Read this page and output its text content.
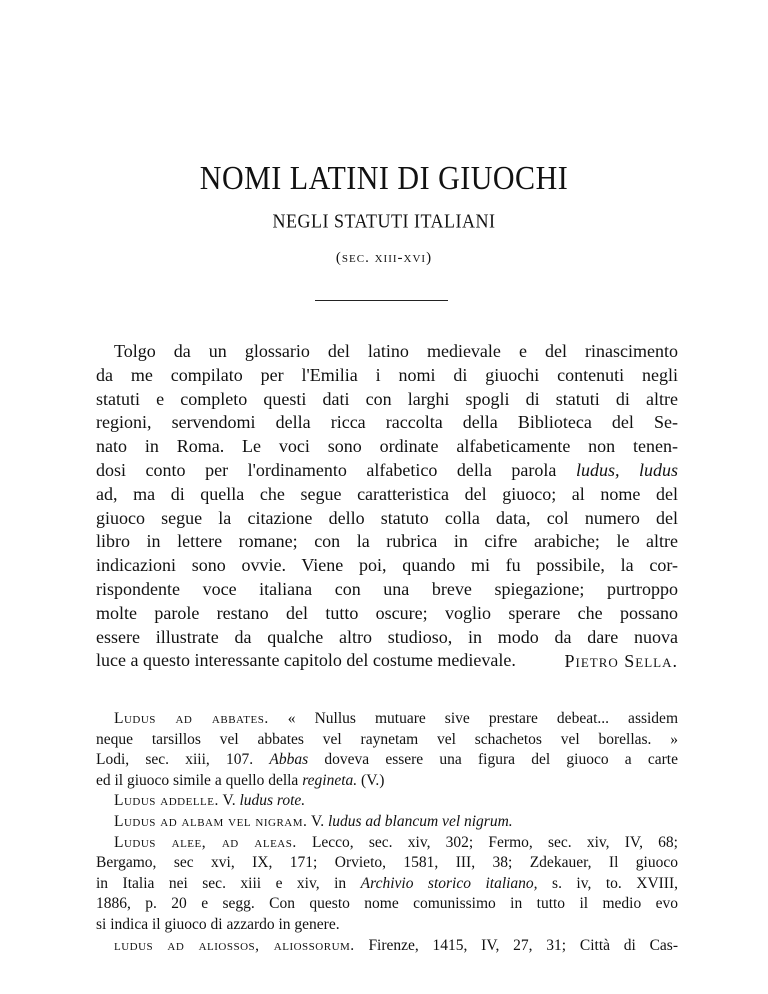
NOMI LATINI DI GIUOCHI
NEGLI STATUTI ITALIANI
(sec. xiii-xvi)
Tolgo da un glossario del latino medievale e del rinascimento
da me compilato per l'Emilia i nomi di giuochi contenuti negli
statuti e completo questi dati con larghi spogli di statuti di altre
regioni, servendomi della ricca raccolta della Biblioteca del Se-
nato in Roma. Le voci sono ordinate alfabeticamente non tenen-
dosi conto per l'ordinamento alfabetico della parola ludus, ludus
ad, ma di quella che segue caratteristica del giuoco; al nome del
giuoco segue la citazione dello statuto colla data, col numero del
libro in lettere romane; con la rubrica in cifre arabiche; le altre
indicazioni sono ovvie. Viene poi, quando mi fu possibile, la cor-
rispondente voce italiana con una breve spiegazione; purtroppo
molte parole restano del tutto oscure; voglio sperare che possano
essere illustrate da qualche altro studioso, in modo da dare nuova
luce a questo interessante capitolo del costume medievale.	Pietro Sella.
Ludus ad abbates. « Nullus mutuare sive prestare debeat... assidem
neque tarsillos vel abbates vel raynetam vel schachetos vel borellas. »
Lodi, sec. xiii, 107. Abbas doveva essere una figura del giuoco a carte
ed il giuoco simile a quello della regineta. (V.)
Ludus addelle. V. ludus rote.
Ludus ad albam vel nigram. V. ludus ad blancum vel nigrum.
Ludus alee, ad aleas. Lecco, sec. xiv, 302; Fermo, sec. xiv, IV, 68;
Bergamo, sec xvi, IX, 171; Orvieto, 1581, III, 38; Zdekauer, Il giuoco
in Italia nei sec. xiii e xiv, in Archivio storico italiano, s. iv, to. XVIII,
1886, p. 20 e segg. Con questo nome comunissimo in tutto il medio evo
si indica il giuoco di azzardo in genere.
ludus ad aliossos, aliossorum. Firenze, 1415, IV, 27, 31; Città di Cas-
